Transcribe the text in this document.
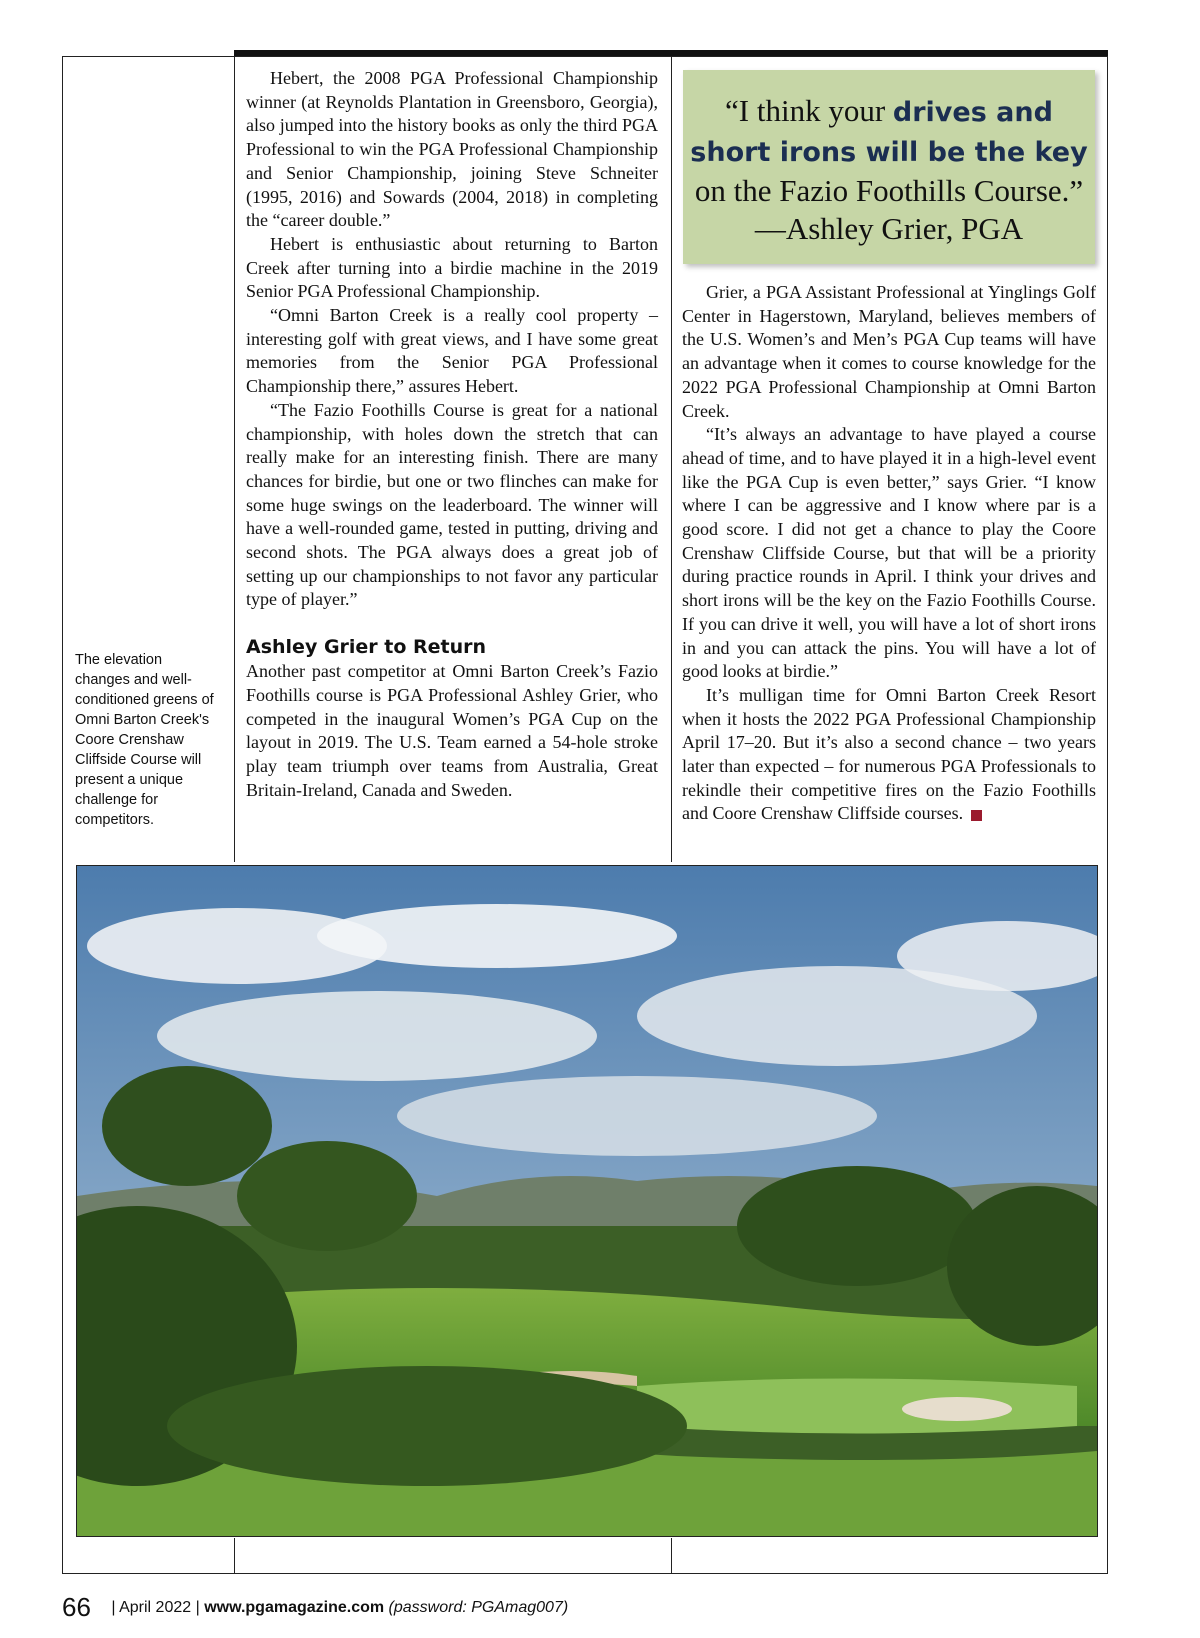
The elevation changes and well-conditioned greens of Omni Barton Creek's Coore Crenshaw Cliffside Course will present a unique challenge for competitors.

Hebert, the 2008 PGA Professional Championship winner (at Reynolds Plantation in Greensboro, Georgia), also jumped into the history books as only the third PGA Professional to win the PGA Professional Championship and Senior Championship, joining Steve Schneiter (1995, 2016) and Sowards (2004, 2018) in completing the “career double.”

Hebert is enthusiastic about returning to Barton Creek after turning into a birdie machine in the 2019 Senior PGA Professional Championship.

“Omni Barton Creek is a really cool property – interesting golf with great views, and I have some great memories from the Senior PGA Professional Championship there,” assures Hebert.

“The Fazio Foothills Course is great for a national championship, with holes down the stretch that can really make for an interesting finish. There are many chances for birdie, but one or two flinches can make for some huge swings on the leaderboard. The winner will have a well-rounded game, tested in putting, driving and second shots. The PGA always does a great job of setting up our championships to not favor any particular type of player.”

Ashley Grier to Return

Another past competitor at Omni Barton Creek’s Fazio Foothills course is PGA Professional Ashley Grier, who competed in the inaugural Women’s PGA Cup on the layout in 2019. The U.S. Team earned a 54-hole stroke play team triumph over teams from Australia, Great Britain-Ireland, Canada and Sweden.

“I think your drives and short irons will be the key on the Fazio Foothills Course.”
—Ashley Grier, PGA

Grier, a PGA Assistant Professional at Yinglings Golf Center in Hagerstown, Maryland, believes members of the U.S. Women’s and Men’s PGA Cup teams will have an advantage when it comes to course knowledge for the 2022 PGA Professional Championship at Omni Barton Creek.

“It’s always an advantage to have played a course ahead of time, and to have played it in a high-level event like the PGA Cup is even better,” says Grier. “I know where I can be aggressive and I know where par is a good score. I did not get a chance to play the Coore Crenshaw Cliffside Course, but that will be a priority during practice rounds in April. I think your drives and short irons will be the key on the Fazio Foothills Course. If you can drive it well, you will have a lot of short irons in and you can attack the pins. You will have a lot of good looks at birdie.”

It’s mulligan time for Omni Barton Creek Resort when it hosts the 2022 PGA Professional Championship April 17–20. But it’s also a second chance – two years later than expected – for numerous PGA Professionals to rekindle their competitive fires on the Fazio Foothills and Coore Crenshaw Cliffside courses.

66 | April 2022 | www.pgamagazine.com (password: PGAmag007)
